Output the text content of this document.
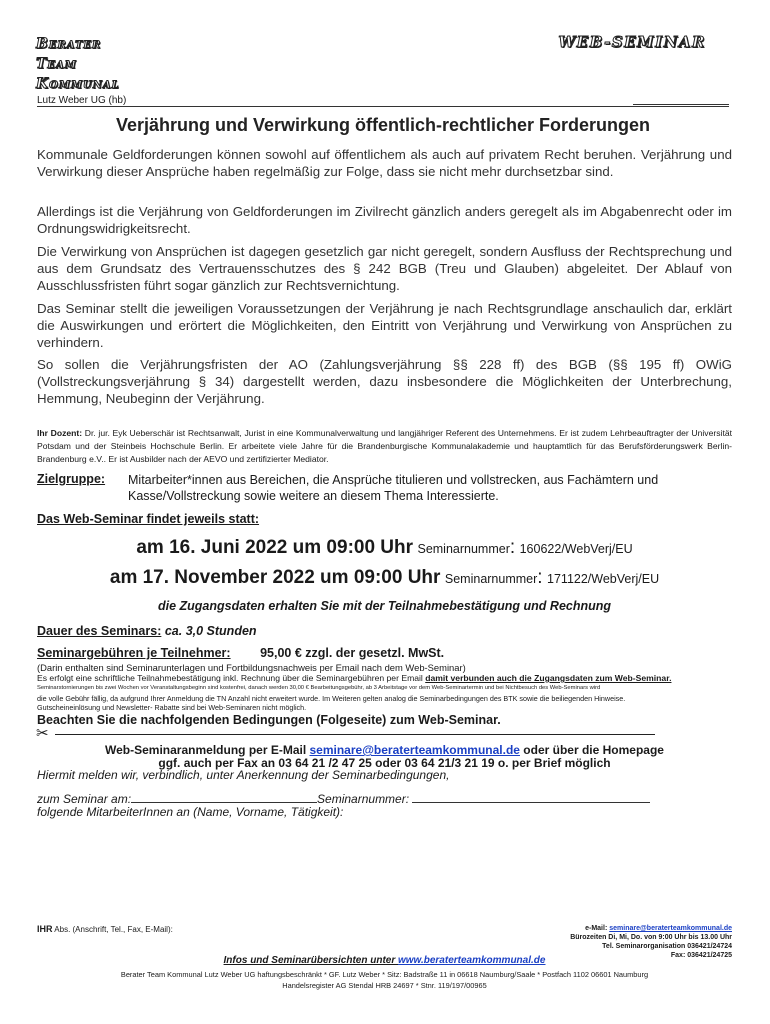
Berater
Team
Kommunal
WEB-SEMINAR
Lutz Weber UG (hb)
Verjährung und Verwirkung öffentlich-rechtlicher Forderungen

Kommunale Geldforderungen können sowohl auf öffentlichem als auch auf privatem Recht beruhen. Verjährung und Verwirkung dieser Ansprüche haben regelmäßig zur Folge, dass sie nicht mehr durchsetzbar sind.

Allerdings ist die Verjährung von Geldforderungen im Zivilrecht gänzlich anders geregelt als im Abgabenrecht oder im Ordnungswidrigkeitsrecht.

Die Verwirkung von Ansprüchen ist dagegen gesetzlich gar nicht geregelt, sondern Ausfluss der Rechtsprechung und aus dem Grundsatz des Vertrauensschutzes des § 242 BGB (Treu und Glauben) abgeleitet. Der Ablauf von Ausschlussfristen führt sogar gänzlich zur Rechtsvernichtung.

Das Seminar stellt die jeweiligen Voraussetzungen der Verjährung je nach Rechtsgrundlage anschaulich dar, erklärt die Auswirkungen und erörtert die Möglichkeiten, den Eintritt von Verjährung und Verwirkung von Ansprüchen zu verhindern.

So sollen die Verjährungsfristen der AO (Zahlungsverjährung §§ 228 ff) des BGB (§§ 195 ff) OWiG (Vollstreckungsverjährung § 34) dargestellt werden, dazu insbesondere die Möglichkeiten der Unterbrechung, Hemmung, Neubeginn der Verjährung.

Ihr Dozent: Dr. jur. Eyk Ueberschär ist Rechtsanwalt, Jurist in eine Kommunalverwaltung und langjähriger Referent des Unternehmens. Er ist zudem Lehrbeauftragter der Universität Potsdam und der Steinbeis Hochschule Berlin. Er arbeitete viele Jahre für die Brandenburgische Kommunalakademie und hauptamtlich für das Berufsförderungswerk Berlin-Brandenburg e.V.. Er ist Ausbilder nach der AEVO und zertifizierter Mediator.
Zielgruppe: Mitarbeiter*innen aus Bereichen, die Ansprüche titulieren und vollstrecken, aus Fachämtern und Kasse/Vollstreckung sowie weitere an diesem Thema Interessierte.
Das Web-Seminar findet jeweils statt:
am 16. Juni 2022 um 09:00 Uhr Seminarnummer: 160622/WebVerj/EU
am 17. November 2022 um 09:00 Uhr Seminarnummer: 171122/WebVerj/EU
die Zugangsdaten erhalten Sie mit der Teilnahmebestätigung und Rechnung
Dauer des Seminars: ca. 3,0 Stunden
Seminargebühren je Teilnehmer: 95,00 € zzgl. der gesetzl. MwSt.
(Darin enthalten sind Seminarunterlagen und Fortbildungsnachweis per Email nach dem Web-Seminar)
Es erfolgt eine schriftliche Teilnahmebestätigung inkl. Rechnung über die Seminargebühren per Email damit verbunden auch die Zugangsdaten zum Web-Seminar.
Seminarstornierungen bis zwei Wochen vor Veranstaltungsbeginn sind kostenfrei, danach werden 30,00 € Bearbeitungsgebühr, ab 3 Arbeitstage vor dem Web-Seminartermin und bei Nichtbesuch des Web-Seminars wird
die volle Gebühr fällig, da aufgrund Ihrer Anmeldung die TN Anzahl nicht erweitert wurde. Im Weiteren gelten analog die Seminarbedingungen des BTK sowie die beiliegenden Hinweise.
Gutscheineinlösung und Newsletter- Rabatte sind bei Web-Seminaren nicht möglich.
Beachten Sie die nachfolgenden Bedingungen (Folgeseite) zum Web-Seminar.
✂
Web-Seminaranmeldung per E-Mail seminare@beraterteamkommunal.de oder über die Homepage
ggf. auch per Fax an 03 64 21 /2 47 25 oder 03 64 21/3 21 19 o. per Brief möglich
Hiermit melden wir, verbindlich, unter Anerkennung der Seminarbedingungen,
zum Seminar am:	Seminarnummer:
folgende MitarbeiterInnen an (Name, Vorname, Tätigkeit):
IHR Abs. (Anschrift, Tel., Fax, E-Mail):	e-Mail: seminare@beraterteamkommunal.de
Bürozeiten Di, Mi, Do. von 9:00 Uhr bis 13.00 Uhr
Tel. Seminarorganisation 036421/24724
Fax: 036421/24725
Infos und Seminarübersichten unter www.beraterteamkommunal.de
Berater Team Kommunal Lutz Weber UG haftungsbeschränkt * GF. Lutz Weber * Sitz: Badstraße 11 in 06618 Naumburg/Saale * Postfach 1102 06601 Naumburg
Handelsregister AG Stendal HRB 24697 * Stnr. 119/197/00965
